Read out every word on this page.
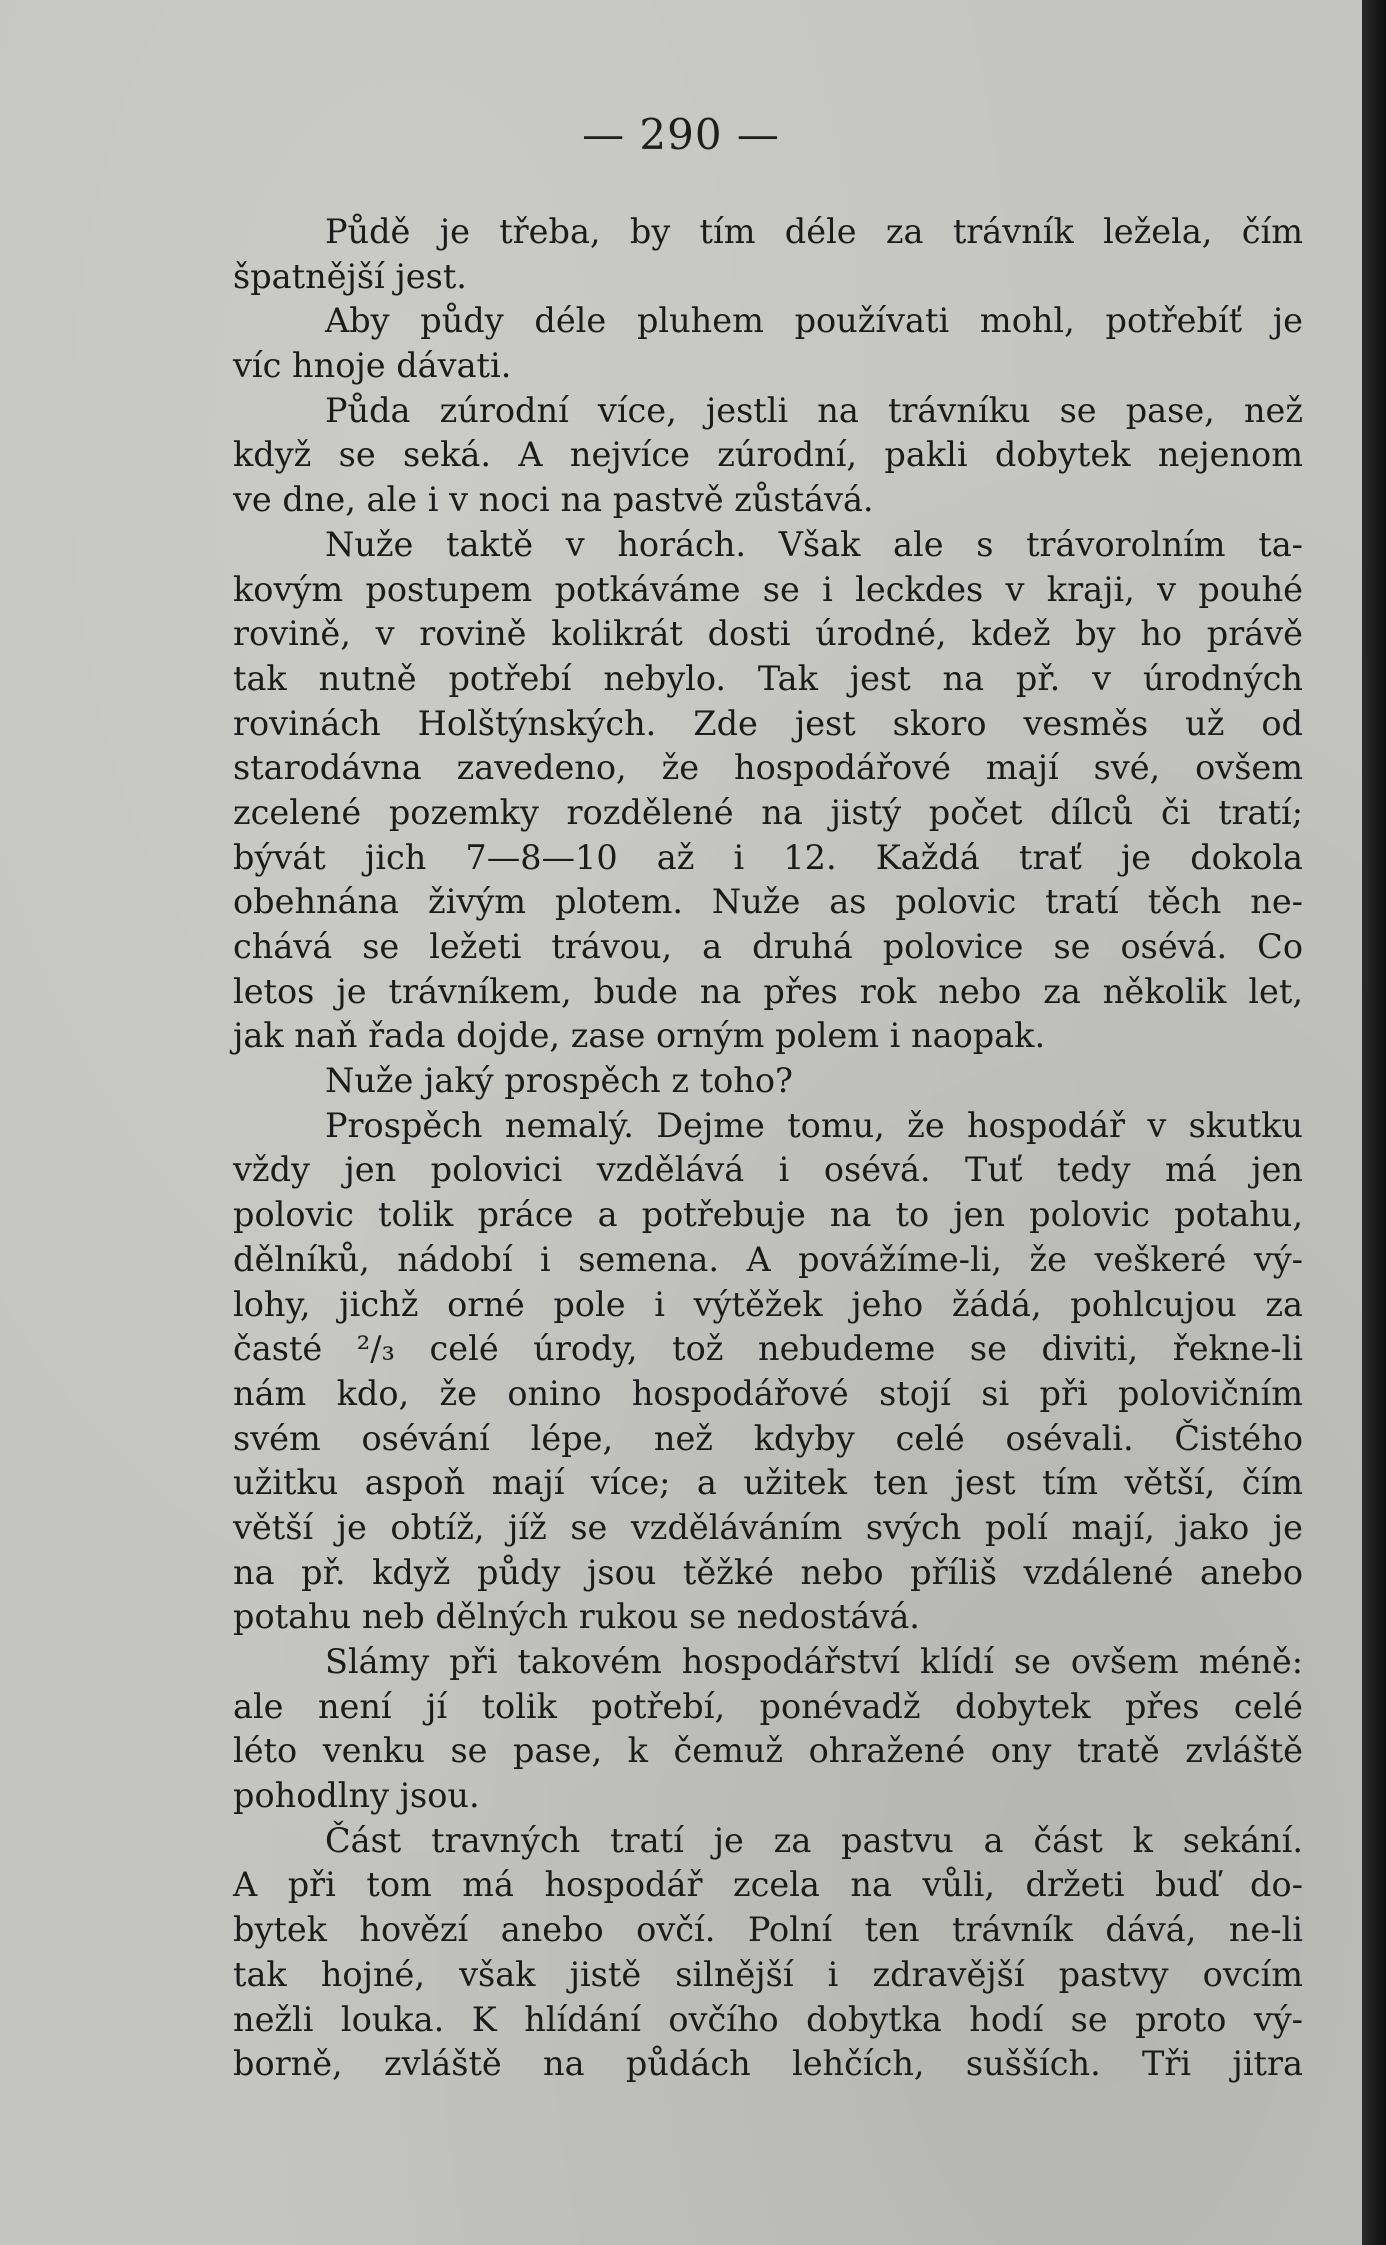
— 290 —
Půdě je třeba, by tím déle za trávník ležela, čím
špatnější jest.
Aby půdy déle pluhem používati mohl, potřebíť je
víc hnoje dávati.
Půda zúrodní více, jestli na trávníku se pase, než
když se seká. A nejvíce zúrodní, pakli dobytek nejenom
ve dne, ale i v noci na pastvě zůstává.
Nuže taktě v horách. Však ale s trávorolním ta-
kovým postupem potkáváme se i leckdes v kraji, v pouhé
rovině, v rovině kolikrát dosti úrodné, kdež by ho právě
tak nutně potřebí nebylo. Tak jest na př. v úrodných
rovinách Holštýnských. Zde jest skoro vesměs už od
starodávna zavedeno, že hospodářové mají své, ovšem
zcelené pozemky rozdělené na jistý počet dílců či tratí;
bývát jich 7—8—10 až i 12. Každá trať je dokola
obehnána živým plotem. Nuže as polovic tratí těch ne-
chává se ležeti trávou, a druhá polovice se osévá. Co
letos je trávníkem, bude na přes rok nebo za několik let,
jak naň řada dojde, zase orným polem i naopak.
Nuže jaký prospěch z toho?
Prospěch nemalý. Dejme tomu, že hospodář v skutku
vždy jen polovici vzdělává i osévá. Tuť tedy má jen
polovic tolik práce a potřebuje na to jen polovic potahu,
dělníků, nádobí i semena. A povážíme-li, že veškeré vý-
lohy, jichž orné pole i výtěžek jeho žádá, pohlcujou za
časté ²/₃ celé úrody, tož nebudeme se diviti, řekne-li
nám kdo, že onino hospodářové stojí si při polovičním
svém osévání lépe, než kdyby celé osévali. Čistého
užitku aspoň mají více; a užitek ten jest tím větší, čím
větší je obtíž, jíž se vzděláváním svých polí mají, jako je
na př. když půdy jsou těžké nebo příliš vzdálené anebo
potahu neb dělných rukou se nedostává.
Slámy při takovém hospodářství klídí se ovšem méně:
ale není jí tolik potřebí, ponévadž dobytek přes celé
léto venku se pase, k čemuž ohražené ony tratě zvláště
pohodlny jsou.
Část travných tratí je za pastvu a část k sekání.
A při tom má hospodář zcela na vůli, držeti buď do-
bytek hovězí anebo ovčí. Polní ten trávník dává, ne-li
tak hojné, však jistě silnější i zdravější pastvy ovcím
nežli louka. K hlídání ovčího dobytka hodí se proto vý-
borně, zvláště na půdách lehčích, sušších. Tři jitra
